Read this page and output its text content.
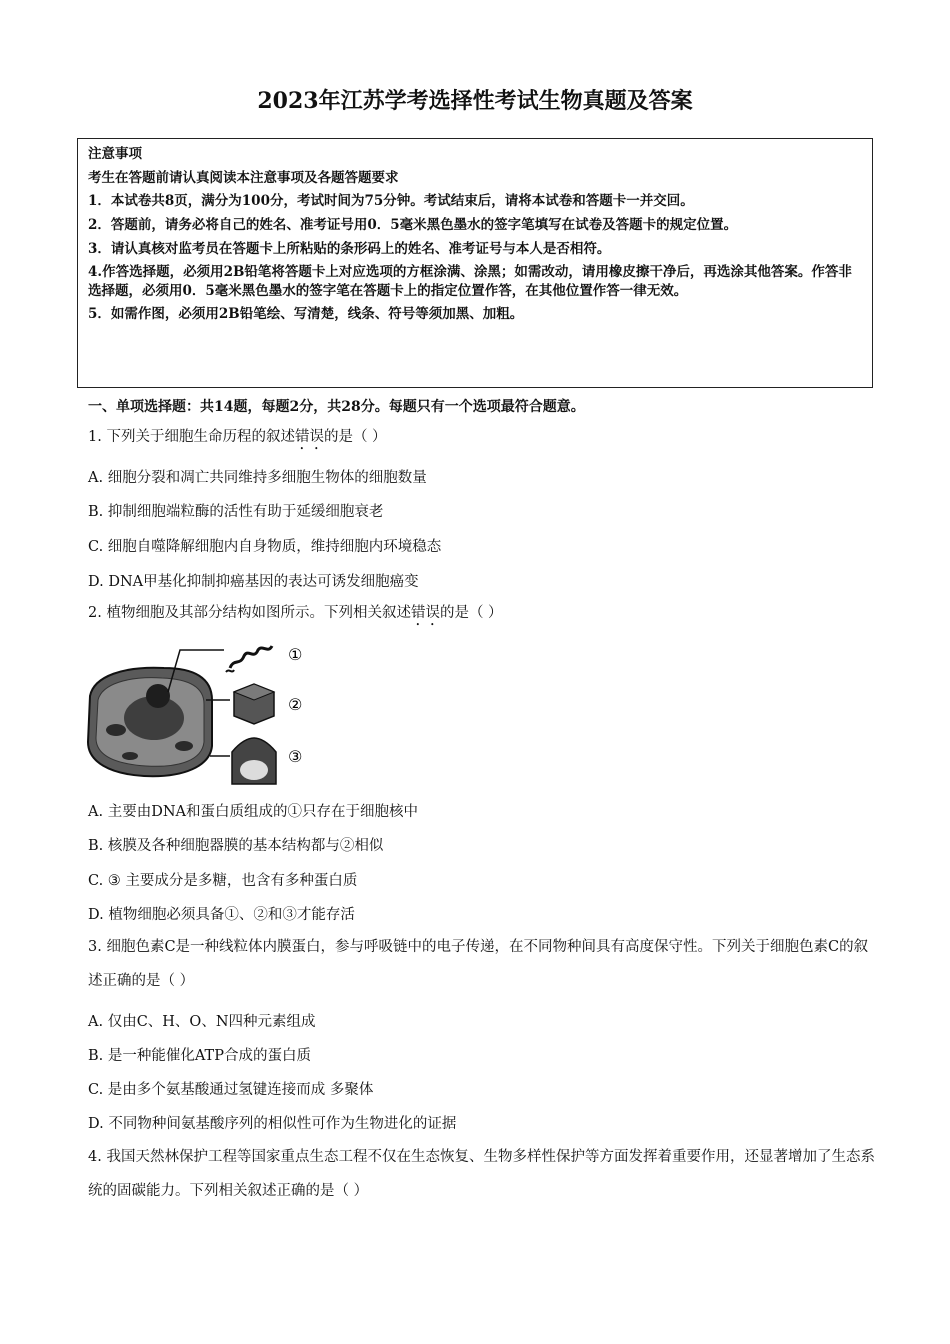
2023年江苏学考选择性考试生物真题及答案
注意事项
考生在答题前请认真阅读本注意事项及各题答题要求
1．本试卷共8页，满分为100分，考试时间为75分钟。考试结束后，请将本试卷和答题卡一并交回。
2．答题前，请务必将自己的姓名、准考证号用0．5毫米黑色墨水的签字笔填写在试卷及答题卡的规定位置。
3．请认真核对监考员在答题卡上所粘贴的条形码上的姓名、准考证号与本人是否相符。
4.作答选择题，必须用2B铅笔将答题卡上对应选项的方框涂满、涂黑；如需改动，请用橡皮擦干净后，再选涂其他答案。作答非选择题，必须用0．5毫米黑色墨水的签字笔在答题卡上的指定位置作答，在其他位置作答一律无效。
5．如需作图，必须用2B铅笔绘、写清楚，线条、符号等须加黑、加粗。
一、单项选择题：共14题，每题2分，共28分。每题只有一个选项最符合题意。
1. 下列关于细胞生命历程的叙述错误的是（ ）
A. 细胞分裂和凋亡共同维持多细胞生物体的细胞数量
B. 抑制细胞端粒酶的活性有助于延缓细胞衰老
C. 细胞自噬降解细胞内自身物质，维持细胞内环境稳态
D. DNA甲基化抑制抑癌基因的表达可诱发细胞癌变
2. 植物细胞及其部分结构如图所示。下列相关叙述错误的是（ ）
①
②
③
A. 主要由DNA和蛋白质组成的①只存在于细胞核中
B. 核膜及各种细胞器膜的基本结构都与②相似
C. ③ 主要成分是多糖，也含有多种蛋白质
D. 植物细胞必须具备①、②和③才能存活
3. 细胞色素C是一种线粒体内膜蛋白，参与呼吸链中的电子传递，在不同物种间具有高度保守性。下列关于细胞色素C的叙述正确的是（ ）
A. 仅由C、H、O、N四种元素组成
B. 是一种能催化ATP合成的蛋白质
C. 是由多个氨基酸通过氢键连接而成 多聚体
D. 不同物种间氨基酸序列的相似性可作为生物进化的证据
4. 我国天然林保护工程等国家重点生态工程不仅在生态恢复、生物多样性保护等方面发挥着重要作用，还显著增加了生态系统的固碳能力。下列相关叙述正确的是（ ）
